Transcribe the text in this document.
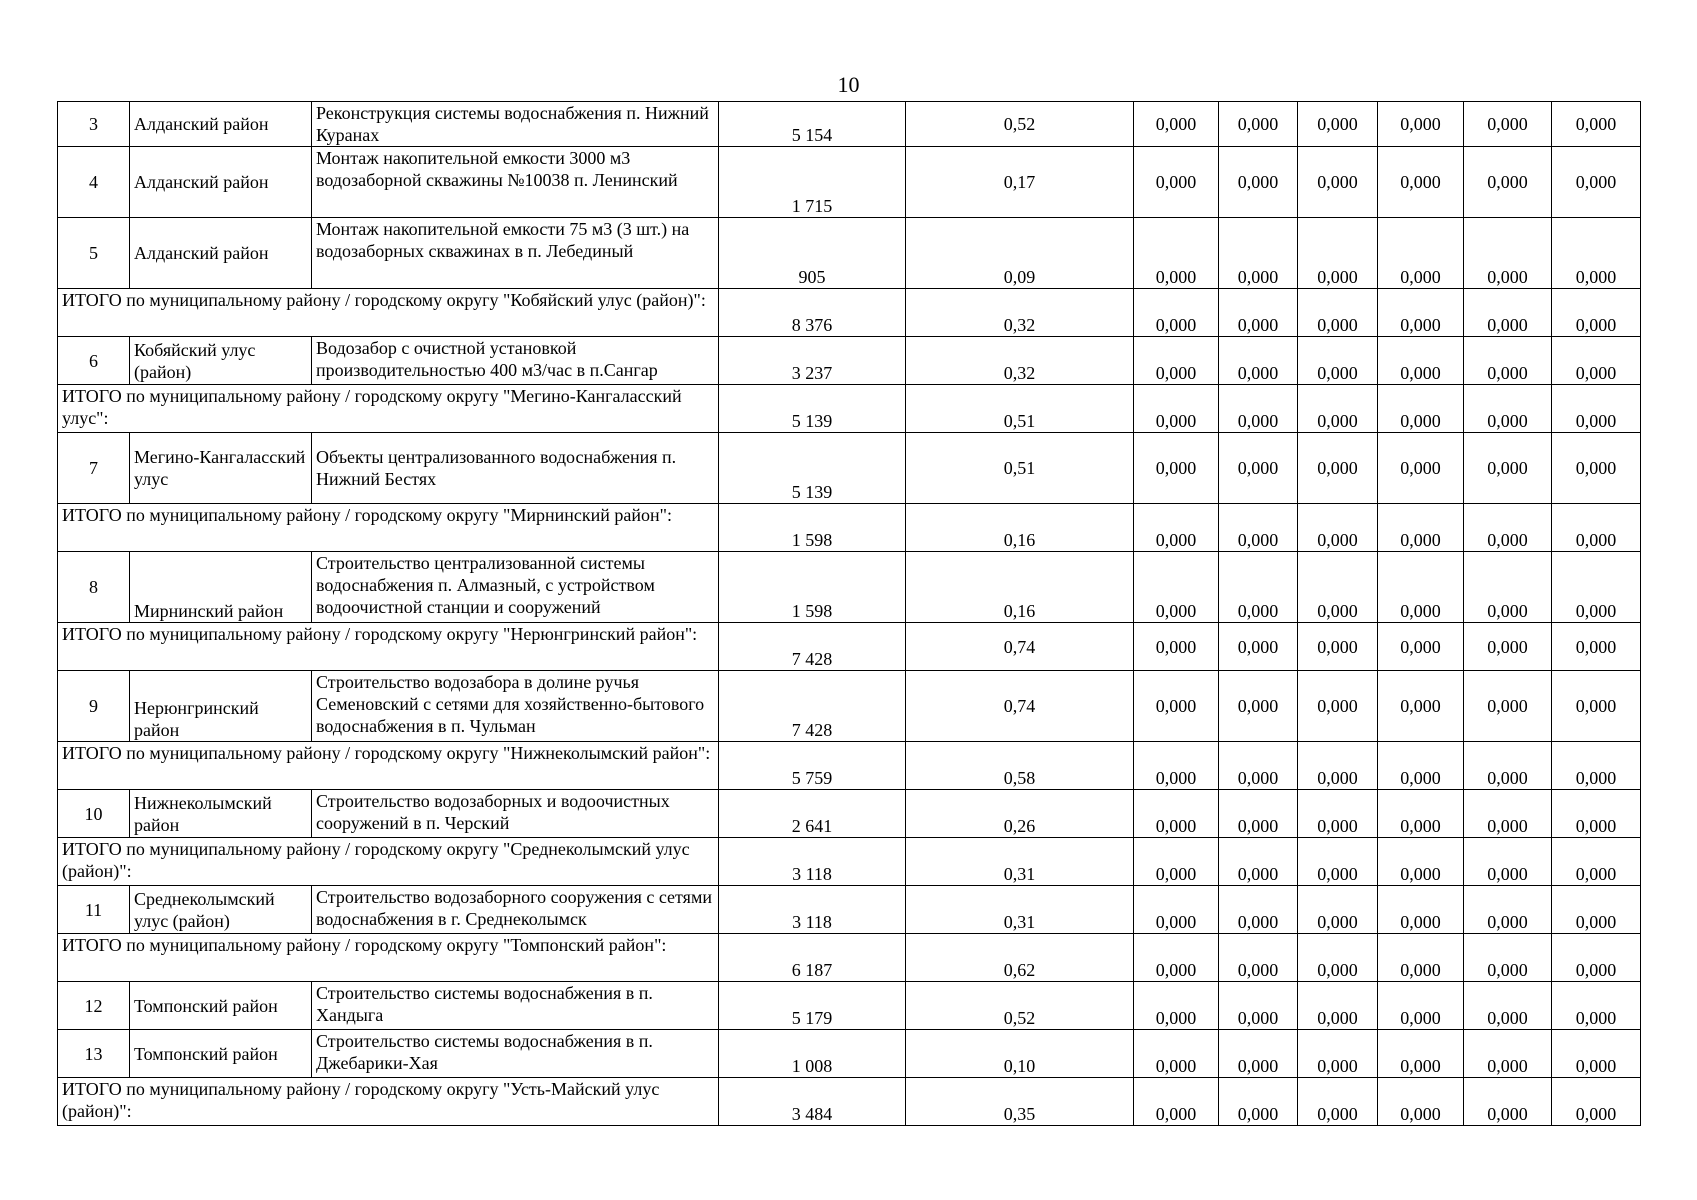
10
3	Алданский район	Реконструкция системы водоснабжения п. Нижний Куранах	5 154	0,52	0,000	0,000	0,000	0,000	0,000	0,000
4	Алданский район	Монтаж накопительной емкости 3000 м3 водозаборной скважины №10038 п. Ленинский	1 715	0,17	0,000	0,000	0,000	0,000	0,000	0,000
5	Алданский район	Монтаж накопительной емкости 75 м3 (3 шт.) на водозаборных скважинах в п. Лебединый	905	0,09	0,000	0,000	0,000	0,000	0,000	0,000
ИТОГО по муниципальному району / городскому округу "Кобяйский улус (район)":			8 376	0,32	0,000	0,000	0,000	0,000	0,000	0,000
6	Кобяйский улус (район)	Водозабор с очистной установкой производительностью 400 м3/час в п.Сангар	3 237	0,32	0,000	0,000	0,000	0,000	0,000	0,000
ИТОГО по муниципальному району / городскому округу "Мегино-Кангаласский улус":			5 139	0,51	0,000	0,000	0,000	0,000	0,000	0,000
7	Мегино-Кангаласский улус	Объекты централизованного водоснабжения п. Нижний Бестях	5 139	0,51	0,000	0,000	0,000	0,000	0,000	0,000
ИТОГО по муниципальному району / городскому округу "Мирнинский район":			1 598	0,16	0,000	0,000	0,000	0,000	0,000	0,000
8	Мирнинский район	Строительство централизованной системы водоснабжения п. Алмазный, с устройством водоочистной станции и сооружений	1 598	0,16	0,000	0,000	0,000	0,000	0,000	0,000
ИТОГО по муниципальному району / городскому округу "Нерюнгринский район":			7 428	0,74	0,000	0,000	0,000	0,000	0,000	0,000
9	Нерюнгринский район	Строительство водозабора в долине ручья Семеновский с сетями для хозяйственно-бытового водоснабжения в п. Чульман	7 428	0,74	0,000	0,000	0,000	0,000	0,000	0,000
ИТОГО по муниципальному району / городскому округу "Нижнеколымский район":			5 759	0,58	0,000	0,000	0,000	0,000	0,000	0,000
10	Нижнеколымский район	Строительство водозаборных и водоочистных сооружений в п. Черский	2 641	0,26	0,000	0,000	0,000	0,000	0,000	0,000
ИТОГО по муниципальному району / городскому округу "Среднеколымский улус (район)":			3 118	0,31	0,000	0,000	0,000	0,000	0,000	0,000
11	Среднеколымский улус (район)	Строительство водозаборного сооружения с сетями водоснабжения в г. Среднеколымск	3 118	0,31	0,000	0,000	0,000	0,000	0,000	0,000
ИТОГО по муниципальному району / городскому округу "Томпонский район":			6 187	0,62	0,000	0,000	0,000	0,000	0,000	0,000
12	Томпонский район	Строительство системы водоснабжения в п. Хандыга	5 179	0,52	0,000	0,000	0,000	0,000	0,000	0,000
13	Томпонский район	Строительство системы водоснабжения в п. Джебарики-Хая	1 008	0,10	0,000	0,000	0,000	0,000	0,000	0,000
ИТОГО по муниципальному району / городскому округу "Усть-Майский улус (район)":			3 484	0,35	0,000	0,000	0,000	0,000	0,000	0,000
